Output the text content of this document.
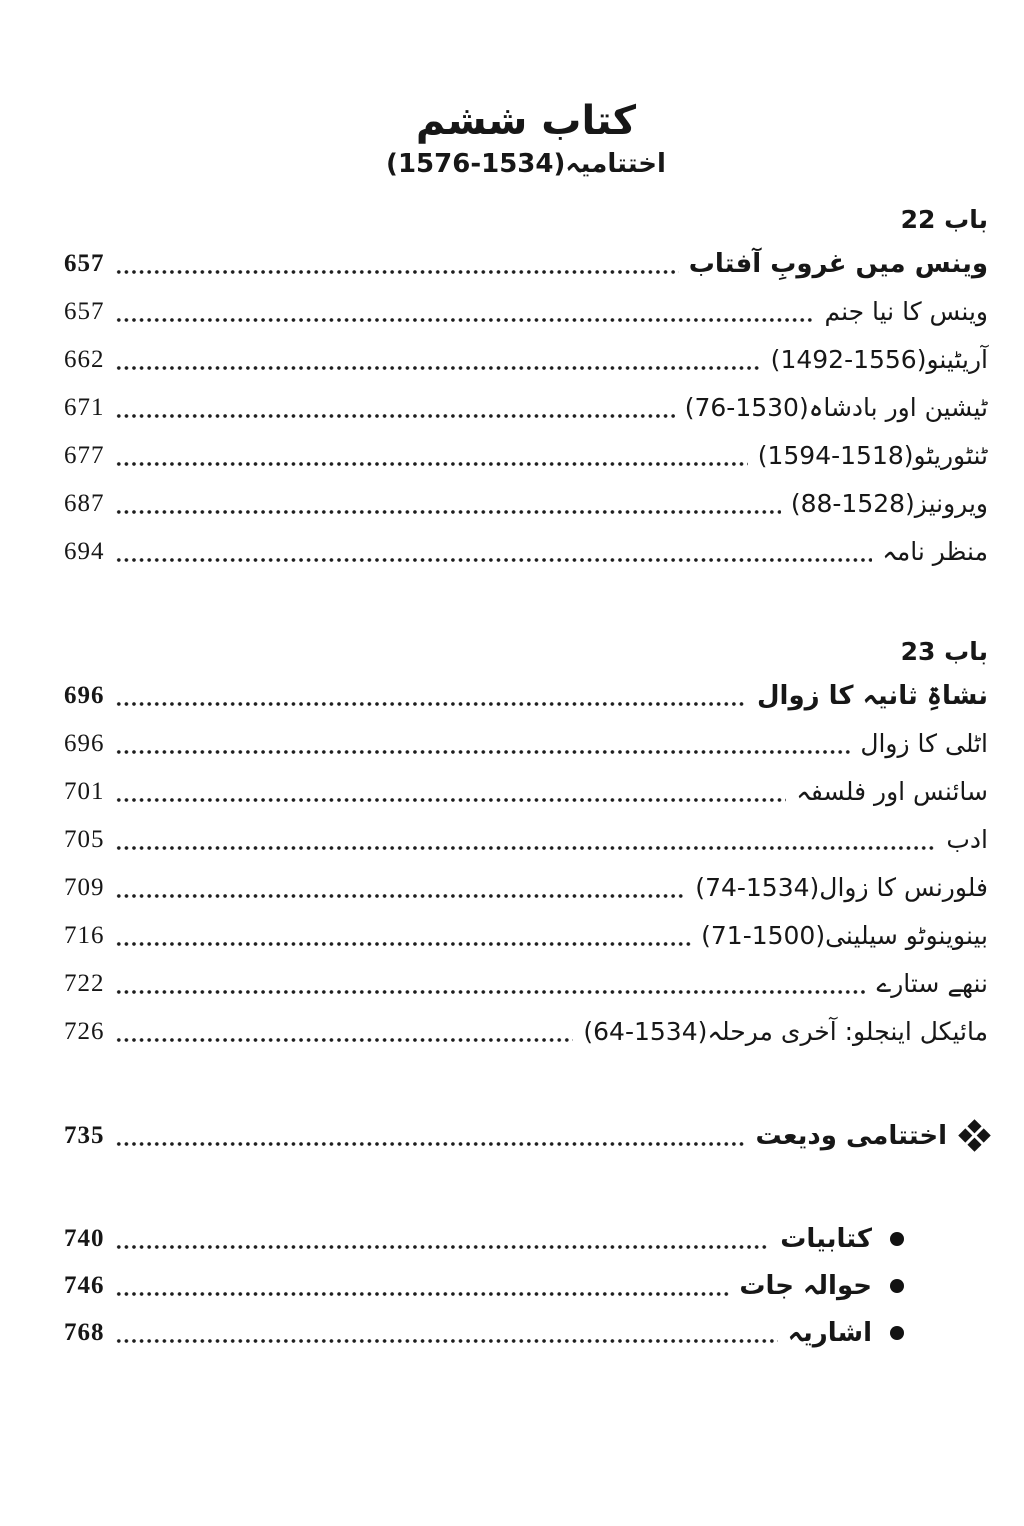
کتاب ششم
اختتامیہ(1534-1576)
باب 22
وینس میں غروبِ آفتاب
657
وینس کا نیا جنم
657
آریٹینو(1556-1492)
662
ٹیشین اور بادشاہ(1530-76)
671
ٹنٹوریٹو(1518-1594)
677
ویرونیز(1528-88)
687
منظر نامہ
694
باب 23
نشاۃِ ثانیہ کا زوال
696
اٹلی کا زوال
696
سائنس اور فلسفہ
701
ادب
705
فلورنس کا زوال(1534-74)
709
بینوینوٹو سیلینی(1500-71)
716
ننھے ستارے
722
مائیکل اینجلو: آخری مرحلہ(1534-64)
726
اختتامی ودیعت
735
کتابیات
740
حوالہ جات
746
اشاریہ
768
